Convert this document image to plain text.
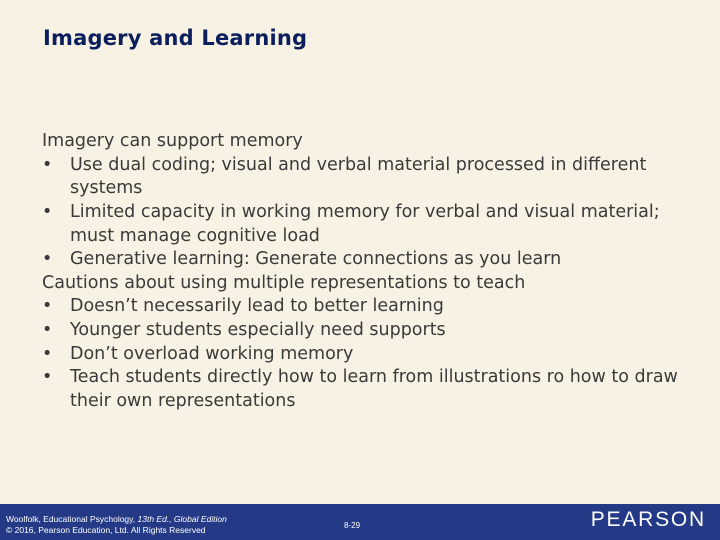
Imagery and Learning

Imagery can support memory

•	Use dual coding; visual and verbal material processed in different systems
•	Limited capacity in working memory for verbal and visual material; must manage cognitive load
•	Generative learning: Generate connections as you learn

Cautions about using multiple representations to teach

•	Doesn’t necessarily lead to better learning
•	Younger students especially need supports
•	Don’t overload working memory
•	Teach students directly how to learn from illustrations ro how to draw their own representations
Woolfolk, Educational Psychology, 13th Ed., Global Edition
© 2016, Pearson Education, Ltd. All Rights Reserved	8-29	PEARSON
